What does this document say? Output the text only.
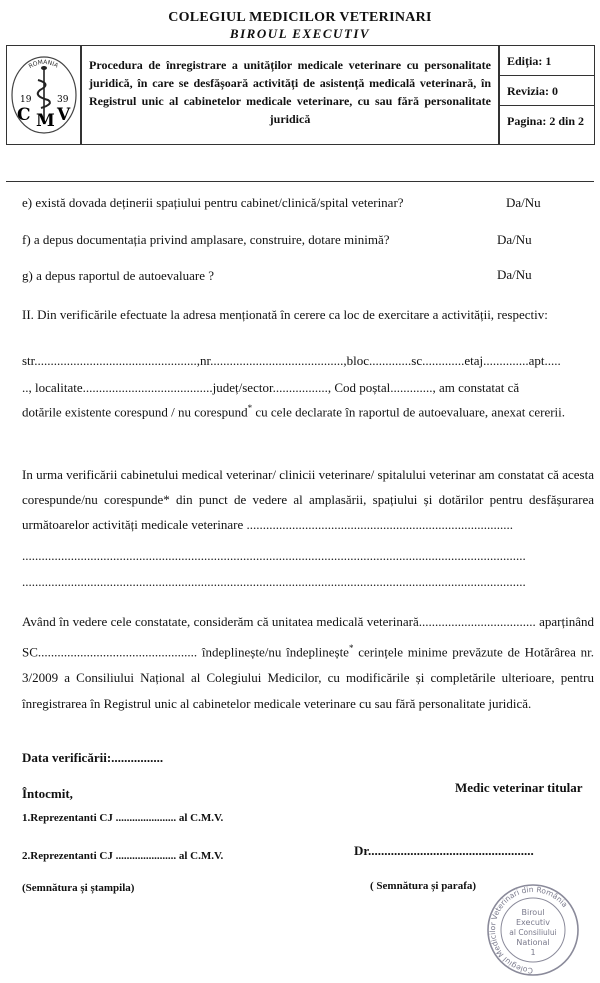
COLEGIUL MEDICILOR VETERINARI
BIROUL EXECUTIV
ROMANIA
19	39
C M V
Procedura de înregistrare a unităților medicale veterinare cu personalitate juridică, în care se desfășoară activități de asistență medicală veterinară, în Registrul unic al cabinetelor medicale veterinare, cu sau fără personalitate juridică
Ediția: 1
Revizia: 0
Pagina: 2 din 2
e) există dovada deținerii spațiului pentru cabinet/clinică/spital veterinar?	Da/Nu
f) a depus documentația privind amplasare, construire, dotare minimă?	Da/Nu
g) a depus raportul de autoevaluare ?	Da/Nu
II. Din verificările efectuate la adresa menționată în cerere ca loc de exercitare a activității, respectiv:
str..................................................,nr.........................................,bloc.............sc.............etaj..............apt.....
.., localitate........................................județ/sector................., Cod poștal............., am constatat că
dotările existente corespund / nu corespund* cu cele declarate în raportul de autoevaluare, anexat cererii.
In urma verificării cabinetului medical veterinar/ clinicii veterinare/ spitalului veterinar am constatat că acesta corespunde/nu corespunde* din punct de vedere al amplasării, spațiului și dotărilor pentru desfășurarea următoarelor activități medicale veterinare ..................................................................................
...........................................................................................................................................................
...........................................................................................................................................................
Având în vedere cele constatate, considerăm că unitatea medicală veterinară.................................... aparținând SC................................................. îndeplinește/nu îndeplinește* cerințele minime prevăzute de Hotărârea nr. 3/2009 a Consiliului Național al Colegiului Medicilor, cu modificările și completările ulterioare, pentru înregistrarea în Registrul unic al cabinetelor medicale veterinare cu sau fără personalitate juridică.
Data verificării:................
Întocmit,	Medic veterinar titular
1.Reprezentanti CJ ...................... al C.M.V.
2.Reprezentanti CJ ...................... al C.M.V.	Dr...................................................
(Semnătura și ștampila)	( Semnătura și parafa)
Colegiul Medicilor Veterinari din România
Biroul
Executiv
al Consiliului
National
1
